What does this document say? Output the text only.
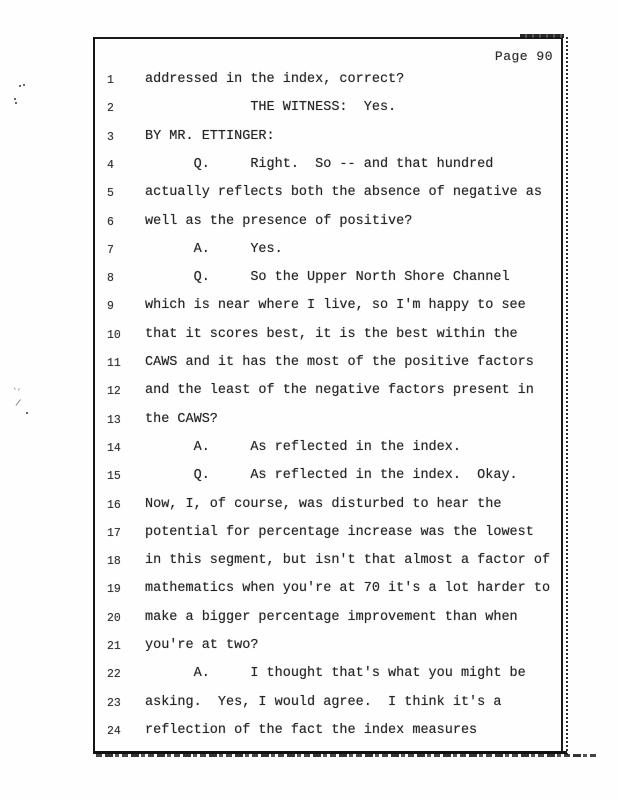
`’
\
Page 90

1

	addressed in the index, correct?

2

	THE WITNESS:  Yes.

3

	BY MR. ETTINGER:

4

	Q.     Right.  So -- and that hundred

5

	actually reflects both the absence of negative as

6

	well as the presence of positive?

7

	A.     Yes.

8

	Q.     So the Upper North Shore Channel

9

	which is near where I live, so I'm happy to see

10

	that it scores best, it is the best within the

11

	CAWS and it has the most of the positive factors

12

	and the least of the negative factors present in

13

	the CAWS?

14

	A.     As reflected in the index.

15

	Q.     As reflected in the index.  Okay.

16

	Now, I, of course, was disturbed to hear the

17

	potential for percentage increase was the lowest

18

	in this segment, but isn't that almost a factor of

19

	mathematics when you're at 70 it's a lot harder to

20

	make a bigger percentage improvement than when

21

	you're at two?

22

	A.     I thought that's what you might be

23

	asking.  Yes, I would agree.  I think it's a

24

	reflection of the fact the index measures
